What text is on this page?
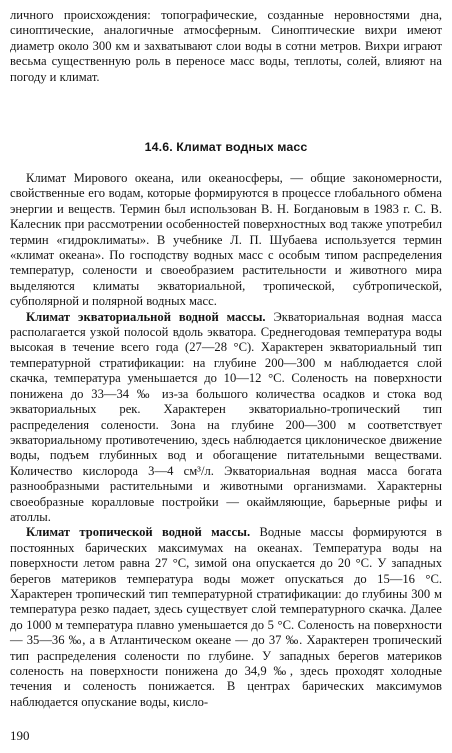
личного происхождения: топографические, созданные неровностями дна, синоптические, аналогичные атмосферным. Синоптические вихри имеют диаметр около 300 км и захватывают слои воды в сотни метров. Вихри играют весьма существенную роль в переносе масс воды, теплоты, солей, влияют на погоду и климат.

14.6. Климат водных масс

Климат Мирового океана, или океаносферы, — общие закономерности, свойственные его водам, которые формируются в процессе глобального обмена энергии и веществ. Термин был использован В. Н. Богдановым в 1983 г. С. В. Калесник при рассмотрении особенностей поверхностных вод также употребил термин «гидроклиматы». В учебнике Л. П. Шубаева используется термин «климат океана». По господству водных масс с особым типом распределения температур, солености и своеобразием растительности и животного мира выделяются климаты экваториальной, тропической, субтропической, субполярной и полярной водных масс.

Климат экваториальной водной массы. Экваториальная водная масса располагается узкой полосой вдоль экватора. Среднегодовая температура воды высокая в течение всего года (27—28 °С). Характерен экваториальный тип температурной стратификации: на глубине 200—300 м наблюдается слой скачка, температура уменьшается до 10—12 °С. Соленость на поверхности понижена до 33—34 ‰ из-за большого количества осадков и стока вод экваториальных рек. Характерен экваториально-тропический тип распределения солености. Зона на глубине 200—300 м соответствует экваториальному противотечению, здесь наблюдается циклоническое движение воды, подъем глубинных вод и обогащение питательными веществами. Количество кислорода 3—4 см³/л. Экваториальная водная масса богата разнообразными растительными и животными организмами. Характерны своеобразные коралловые постройки — окаймляющие, барьерные рифы и атоллы.

Климат тропической водной массы. Водные массы формируются в постоянных барических максимумах на океанах. Температура воды на поверхности летом равна 27 °С, зимой она опускается до 20 °С. У западных берегов материков температура воды может опускаться до 15—16 °С. Характерен тропический тип температурной стратификации: до глубины 300 м температура резко падает, здесь существует слой температурного скачка. Далее до 1000 м температура плавно уменьшается до 5 °С. Соленость на поверхности — 35—36 ‰, а в Атлантическом океане — до 37 ‰. Характерен тропический тип распределения солености по глубине. У западных берегов материков соленость на поверхности понижена до 34,9 ‰, здесь проходят холодные течения и соленость понижается. В центрах барических максимумов наблюдается опускание воды, кисло-

190
